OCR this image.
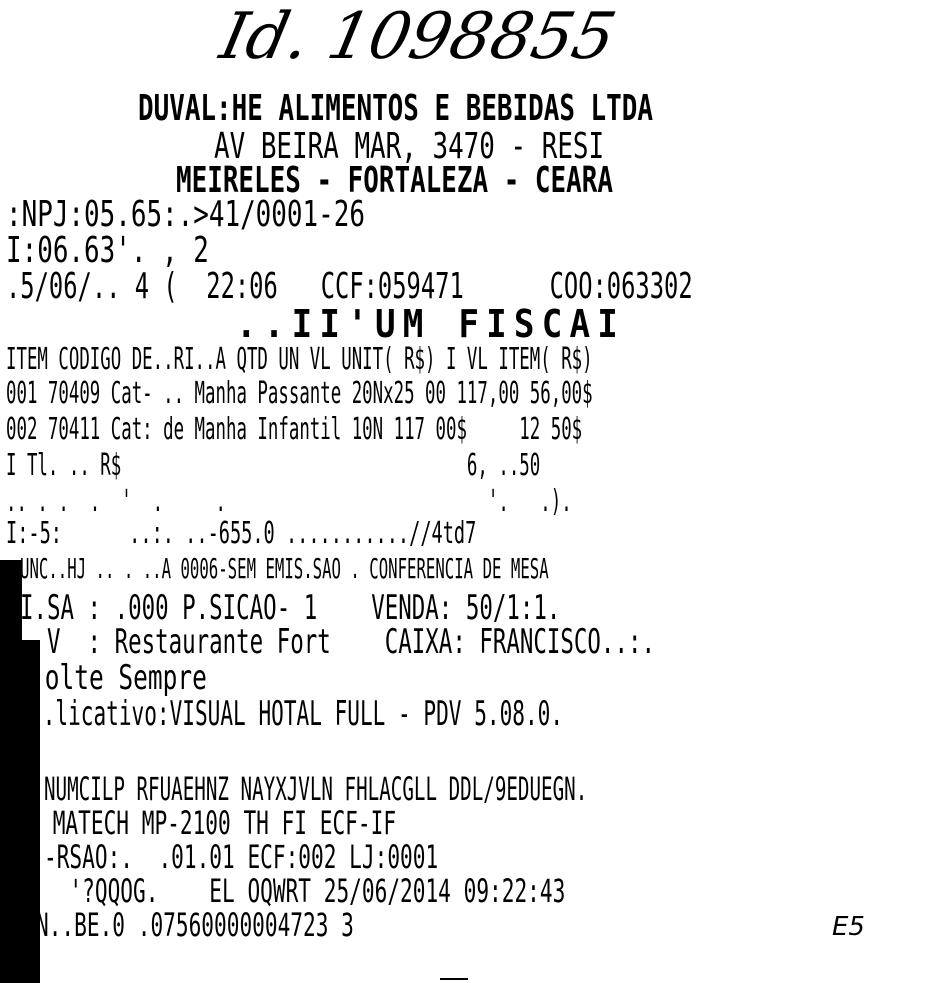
Id. 1098855
DUVAL:HE ALIMENTOS E BEBIDAS LTDA
AV BEIRA MAR, 3470 - RESI
MEIRELES - FORTALEZA - CEARA
:NPJ:05.65:.>41/0001-26
I:06.63'. , 2
.5/06/.. 4 (  22:06   CCF:059471      COO:063302
..II'UM FISCAI
ITEM CODIGO DE..RI..A QTD UN VL UNIT( R$) I VL ITEM( R$)
001 70409 Cat- .. Manha Passante 20Nx25 00 117,00 56,00$
002 70411 Cat: de Manha Infantil 10N 117 00$     12 50$
I Tl. .. R$                                 6, ..50
.. . .  .  '  .     .                         '.   .).
I:-5:      ..:. ..-655.0 ...........//4td7
UNC..HJ .. . ..A 0006-SEM EMIS.SAO . CONFERENCIA DE MESA
I.SA : .000 P.SICAO- 1    VENDA: 50/1:1.
V  : Restaurante Fort    CAIXA: FRANCISCO..:.
'olte Sempre
..licativo:VISUAL HOTAL FULL - PDV 5.08.0.
NUMCILP RFUAEHNZ NAYXJVLN FHLACGLL DDL/9EDUEGN.
MATECH MP-2100 TH FI ECF-IF
-RSAO:.  .01.01 ECF:002 LJ:0001
'?QQOG.    EL OQWRT 25/06/2014 09:22:43
N..BE.0 .07560000004723 3	E5
